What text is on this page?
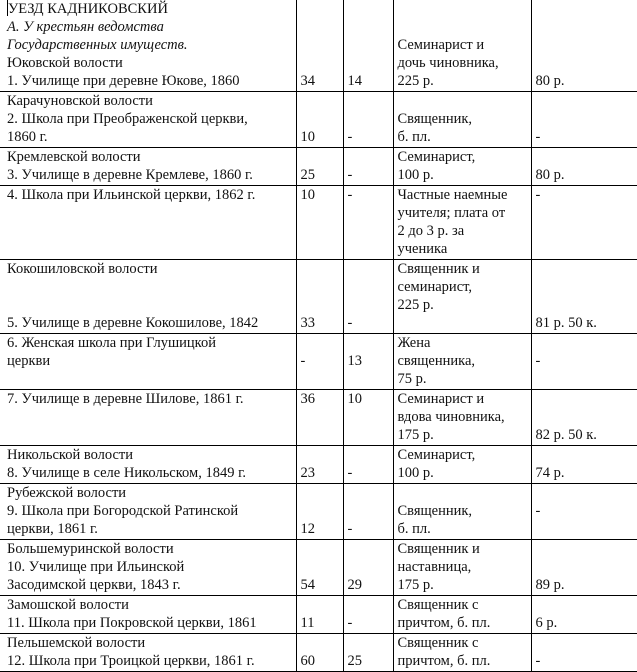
УЕЗД КАДНИКОВСКИЙ
А. У крестьян ведомства
Государственных имуществ.
Юковской волости
1. Училище при деревне Юкове, 1860	34	14	Семинарист и
дочь чиновника,
225 р.	80 р.
Карачуновской волости
2. Школа при Преображенской церкви,
1860 г.	10	-	Священник,
б. пл.	-
Кремлевской волости
3. Училище в деревне Кремлеве, 1860 г.	25	-	Семинарист,
100 р.	80 р.
4. Школа при Ильинской церкви, 1862 г.	10	-	Частные наемные
учителя; плата от
2 до 3 р. за
ученика	-
Кокошиловской волости

5. Училище в деревне Кокошилове, 1842	33	-	Священник и
семинарист,
225 р.	81 р. 50 к.
6. Женская школа при Глушицкой
церкви	-	13	Жена
священника,
75 р.	-
7. Училище в деревне Шилове, 1861 г.	36	10	Семинарист и
вдова чиновника,
175 р.	82 р. 50 к.
Никольской волости
8. Училище в селе Никольском, 1849 г.	23	-	Семинарист,
100 р.	74 р.
Рубежской волости
9. Школа при Богородской Ратинской
церкви, 1861 г.	12	-	Священник,
б. пл.	-
Большемуринской волости
10. Училище при Ильинской
Засодимской церкви, 1843 г.	54	29	Священник и
наставница,
175 р.	89 р.
Замошской волости
11. Школа при Покровской церкви, 1861	11	-	Священник с
причтом, б. пл.	6 р.
Пельшемской волости
12. Школа при Троицкой церкви, 1861 г.	60	25	Священник с
причтом, б. пл.	-
